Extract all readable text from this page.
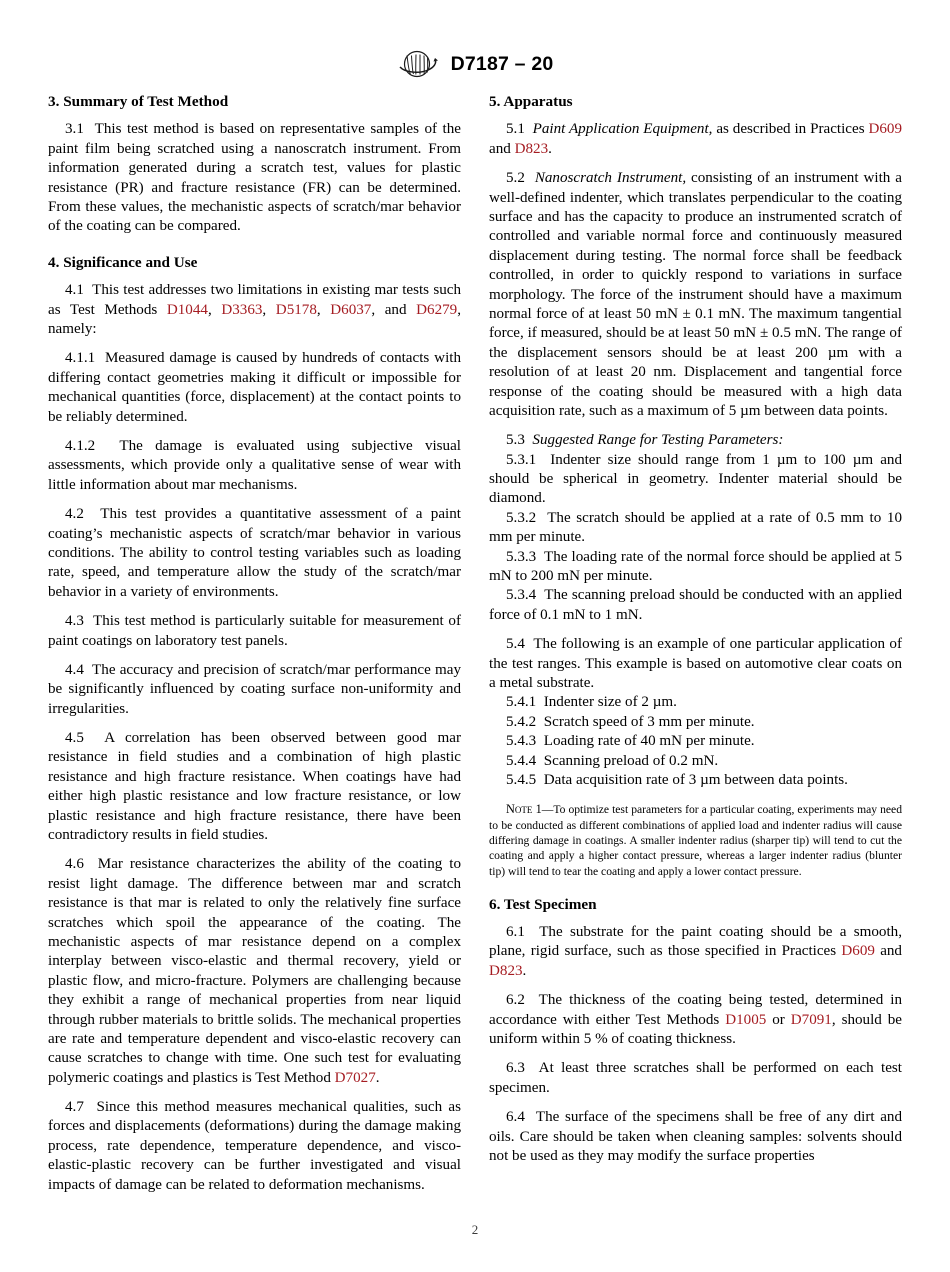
D7187 – 20
3. Summary of Test Method

3.1 This test method is based on representative samples of the paint film being scratched using a nanoscratch instrument. From information generated during a scratch test, values for plastic resistance (PR) and fracture resistance (FR) can be determined. From these values, the mechanistic aspects of scratch/mar behavior of the coating can be compared.

4. Significance and Use

4.1 This test addresses two limitations in existing mar tests such as Test Methods D1044, D3363, D5178, D6037, and D6279, namely:

4.1.1 Measured damage is caused by hundreds of contacts with differing contact geometries making it difficult or impossible for mechanical quantities (force, displacement) at the contact points to be reliably determined.

4.1.2 The damage is evaluated using subjective visual assessments, which provide only a qualitative sense of wear with little information about mar mechanisms.

4.2 This test provides a quantitative assessment of a paint coating’s mechanistic aspects of scratch/mar behavior in various conditions. The ability to control testing variables such as loading rate, speed, and temperature allow the study of the scratch/mar behavior in a variety of environments.

4.3 This test method is particularly suitable for measurement of paint coatings on laboratory test panels.

4.4 The accuracy and precision of scratch/mar performance may be significantly influenced by coating surface non-uniformity and irregularities.

4.5 A correlation has been observed between good mar resistance in field studies and a combination of high plastic resistance and high fracture resistance. When coatings have had either high plastic resistance and low fracture resistance, or low plastic resistance and high fracture resistance, there have been contradictory results in field studies.

4.6 Mar resistance characterizes the ability of the coating to resist light damage. The difference between mar and scratch resistance is that mar is related to only the relatively fine surface scratches which spoil the appearance of the coating. The mechanistic aspects of mar resistance depend on a complex interplay between visco-elastic and thermal recovery, yield or plastic flow, and micro-fracture. Polymers are challenging because they exhibit a range of mechanical properties from near liquid through rubber materials to brittle solids. The mechanical properties are rate and temperature dependent and visco-elastic recovery can cause scratches to change with time. One such test for evaluating polymeric coatings and plastics is Test Method D7027.

4.7 Since this method measures mechanical qualities, such as forces and displacements (deformations) during the damage making process, rate dependence, temperature dependence, and visco-elastic-plastic recovery can be further investigated and visual impacts of damage can be related to deformation mechanisms.

5. Apparatus

5.1 Paint Application Equipment, as described in Practices D609 and D823.

5.2 Nanoscratch Instrument, consisting of an instrument with a well-defined indenter, which translates perpendicular to the coating surface and has the capacity to produce an instrumented scratch of controlled and variable normal force and continuously measured displacement during testing. The normal force shall be feedback controlled, in order to quickly respond to variations in surface morphology. The force of the instrument should have a maximum normal force of at least 50 mN ± 0.1 mN. The maximum tangential force, if measured, should be at least 50 mN ± 0.5 mN. The range of the displacement sensors should be at least 200 µm with a resolution of at least 20 nm. Displacement and tangential force response of the coating should be measured with a high data acquisition rate, such as a maximum of 5 µm between data points.

5.3 Suggested Range for Testing Parameters:

5.3.1 Indenter size should range from 1 µm to 100 µm and should be spherical in geometry. Indenter material should be diamond.

5.3.2 The scratch should be applied at a rate of 0.5 mm to 10 mm per minute.

5.3.3 The loading rate of the normal force should be applied at 5 mN to 200 mN per minute.

5.3.4 The scanning preload should be conducted with an applied force of 0.1 mN to 1 mN.

5.4 The following is an example of one particular application of the test ranges. This example is based on automotive clear coats on a metal substrate.

5.4.1 Indenter size of 2 µm.

5.4.2 Scratch speed of 3 mm per minute.

5.4.3 Loading rate of 40 mN per minute.

5.4.4 Scanning preload of 0.2 mN.

5.4.5 Data acquisition rate of 3 µm between data points.

Note 1—To optimize test parameters for a particular coating, experiments may need to be conducted as different combinations of applied load and indenter radius will cause differing damage in coatings. A smaller indenter radius (sharper tip) will tend to cut the coating and apply a higher contact pressure, whereas a larger indenter radius (blunter tip) will tend to tear the coating and apply a lower contact pressure.

6. Test Specimen

6.1 The substrate for the paint coating should be a smooth, plane, rigid surface, such as those specified in Practices D609 and D823.

6.2 The thickness of the coating being tested, determined in accordance with either Test Methods D1005 or D7091, should be uniform within 5 % of coating thickness.

6.3 At least three scratches shall be performed on each test specimen.

6.4 The surface of the specimens shall be free of any dirt and oils. Care should be taken when cleaning samples: solvents should not be used as they may modify the surface properties

2
